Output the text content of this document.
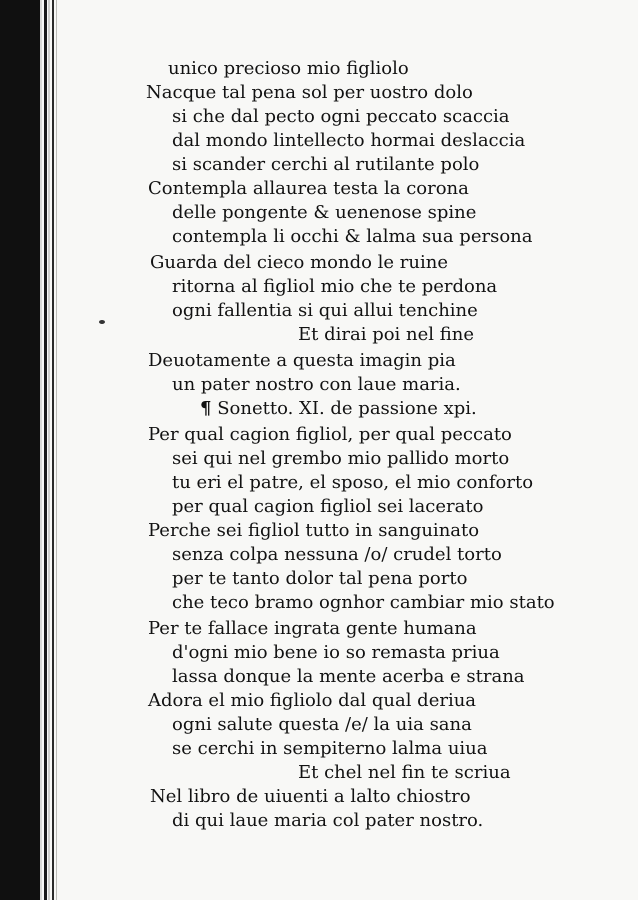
unico precioso mio figliolo
Nacque tal pena sol per uostro dolo
si che dal pecto ogni peccato scaccia
dal mondo lintellecto hormai deslaccia
si scander cerchi al rutilante polo
Contempla allaurea testa la corona
delle pongente & uenenose spine
contempla li occhi & lalma sua persona
Guarda del cieco mondo le ruine
ritorna al figliol mio che te perdona
ogni fallentia si qui allui tenchine
Et dirai poi nel fine
Deuotamente a questa imagin pia
un pater nostro con laue maria.
¶ Sonetto. XI. de passione xpi.
Per qual cagion figliol, per qual peccato
sei qui nel grembo mio pallido morto
tu eri el patre, el sposo, el mio conforto
per qual cagion figliol sei lacerato
Perche sei figliol tutto in sanguinato
senza colpa nessuna /o/ crudel torto
per te tanto dolor tal pena porto
che teco bramo ognhor cambiar mio stato
Per te fallace ingrata gente humana
d'ogni mio bene io so remasta priua
lassa donque la mente acerba e strana
Adora el mio figliolo dal qual deriua
ogni salute questa /e/ la uia sana
se cerchi in sempiterno lalma uiua
Et chel nel fin te scriua
Nel libro de uiuenti a lalto chiostro
di qui laue maria col pater nostro.
